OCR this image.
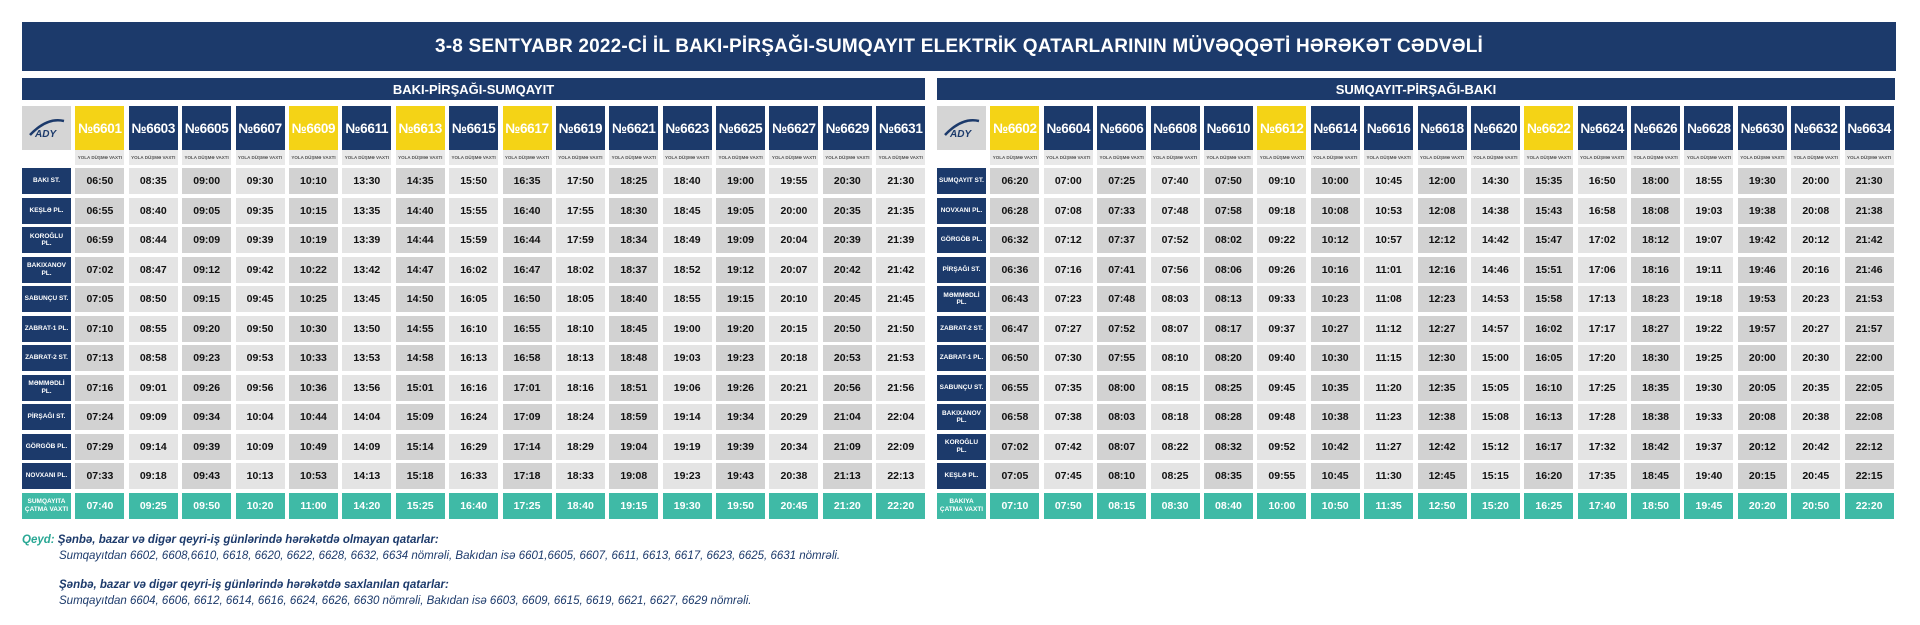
3-8 SENTYABR 2022-Cİ İL BAKI-PİRŞAĞI-SUMQAYIT ELEKTRİK QATARLARININ MÜVƏQQƏTİ HƏRƏKƏT CƏDVƏLİ
BAKI-PİRŞAĞI-SUMQAYIT
ADY №6601 №6603 №6605 №6607 №6609 №6611 №6613 №6615 №6617 №6619 №6621 №6623 №6625 №6627 №6629 №6631
YOLA DÜŞMƏ VAXTI	YOLA DÜŞMƏ VAXTI	YOLA DÜŞMƏ VAXTI	YOLA DÜŞMƏ VAXTI	YOLA DÜŞMƏ VAXTI	YOLA DÜŞMƏ VAXTI	YOLA DÜŞMƏ VAXTI	YOLA DÜŞMƏ VAXTI	YOLA DÜŞMƏ VAXTI	YOLA DÜŞMƏ VAXTI	YOLA DÜŞMƏ VAXTI	YOLA DÜŞMƏ VAXTI	YOLA DÜŞMƏ VAXTI	YOLA DÜŞMƏ VAXTI	YOLA DÜŞMƏ VAXTI	YOLA DÜŞMƏ VAXTI
BAKI ST.	06:50	08:35	09:00	09:30	10:10	13:30	14:35	15:50	16:35	17:50	18:25	18:40	19:00	19:55	20:30	21:30
KEŞLƏ PL.	06:55	08:40	09:05	09:35	10:15	13:35	14:40	15:55	16:40	17:55	18:30	18:45	19:05	20:00	20:35	21:35
KOROĞLU PL.	06:59	08:44	09:09	09:39	10:19	13:39	14:44	15:59	16:44	17:59	18:34	18:49	19:09	20:04	20:39	21:39
BAKIXANOV PL.	07:02	08:47	09:12	09:42	10:22	13:42	14:47	16:02	16:47	18:02	18:37	18:52	19:12	20:07	20:42	21:42
SABUNÇU ST.	07:05	08:50	09:15	09:45	10:25	13:45	14:50	16:05	16:50	18:05	18:40	18:55	19:15	20:10	20:45	21:45
ZABRAT-1 PL.	07:10	08:55	09:20	09:50	10:30	13:50	14:55	16:10	16:55	18:10	18:45	19:00	19:20	20:15	20:50	21:50
ZABRAT-2 ST.	07:13	08:58	09:23	09:53	10:33	13:53	14:58	16:13	16:58	18:13	18:48	19:03	19:23	20:18	20:53	21:53
MƏMMƏDLİ PL.	07:16	09:01	09:26	09:56	10:36	13:56	15:01	16:16	17:01	18:16	18:51	19:06	19:26	20:21	20:56	21:56
PİRŞAĞI ST.	07:24	09:09	09:34	10:04	10:44	14:04	15:09	16:24	17:09	18:24	18:59	19:14	19:34	20:29	21:04	22:04
GÖRGÖB PL.	07:29	09:14	09:39	10:09	10:49	14:09	15:14	16:29	17:14	18:29	19:04	19:19	19:39	20:34	21:09	22:09
NOVXANI PL.	07:33	09:18	09:43	10:13	10:53	14:13	15:18	16:33	17:18	18:33	19:08	19:23	19:43	20:38	21:13	22:13
SUMQAYITA ÇATMA VAXTI	07:40	09:25	09:50	10:20	11:00	14:20	15:25	16:40	17:25	18:40	19:15	19:30	19:50	20:45	21:20	22:20
SUMQAYIT-PİRŞAĞI-BAKI
ADY №6602 №6604 №6606 №6608 №6610 №6612 №6614 №6616 №6618 №6620 №6622 №6624 №6626 №6628 №6630 №6632 №6634
YOLA DÜŞMƏ VAXTI	YOLA DÜŞMƏ VAXTI	YOLA DÜŞMƏ VAXTI	YOLA DÜŞMƏ VAXTI	YOLA DÜŞMƏ VAXTI	YOLA DÜŞMƏ VAXTI	YOLA DÜŞMƏ VAXTI	YOLA DÜŞMƏ VAXTI	YOLA DÜŞMƏ VAXTI	YOLA DÜŞMƏ VAXTI	YOLA DÜŞMƏ VAXTI	YOLA DÜŞMƏ VAXTI	YOLA DÜŞMƏ VAXTI	YOLA DÜŞMƏ VAXTI	YOLA DÜŞMƏ VAXTI	YOLA DÜŞMƏ VAXTI	YOLA DÜŞMƏ VAXTI
SUMQAYIT ST.	06:20	07:00	07:25	07:40	07:50	09:10	10:00	10:45	12:00	14:30	15:35	16:50	18:00	18:55	19:30	20:00	21:30
NOVXANI PL.	06:28	07:08	07:33	07:48	07:58	09:18	10:08	10:53	12:08	14:38	15:43	16:58	18:08	19:03	19:38	20:08	21:38
GÖRGÖB PL.	06:32	07:12	07:37	07:52	08:02	09:22	10:12	10:57	12:12	14:42	15:47	17:02	18:12	19:07	19:42	20:12	21:42
PİRŞAĞI ST.	06:36	07:16	07:41	07:56	08:06	09:26	10:16	11:01	12:16	14:46	15:51	17:06	18:16	19:11	19:46	20:16	21:46
MƏMMƏDLİ PL.	06:43	07:23	07:48	08:03	08:13	09:33	10:23	11:08	12:23	14:53	15:58	17:13	18:23	19:18	19:53	20:23	21:53
ZABRAT-2 ST.	06:47	07:27	07:52	08:07	08:17	09:37	10:27	11:12	12:27	14:57	16:02	17:17	18:27	19:22	19:57	20:27	21:57
ZABRAT-1 PL.	06:50	07:30	07:55	08:10	08:20	09:40	10:30	11:15	12:30	15:00	16:05	17:20	18:30	19:25	20:00	20:30	22:00
SABUNÇU ST.	06:55	07:35	08:00	08:15	08:25	09:45	10:35	11:20	12:35	15:05	16:10	17:25	18:35	19:30	20:05	20:35	22:05
BAKIXANOV PL.	06:58	07:38	08:03	08:18	08:28	09:48	10:38	11:23	12:38	15:08	16:13	17:28	18:38	19:33	20:08	20:38	22:08
KOROĞLU PL.	07:02	07:42	08:07	08:22	08:32	09:52	10:42	11:27	12:42	15:12	16:17	17:32	18:42	19:37	20:12	20:42	22:12
KEŞLƏ PL.	07:05	07:45	08:10	08:25	08:35	09:55	10:45	11:30	12:45	15:15	16:20	17:35	18:45	19:40	20:15	20:45	22:15
BAKIYA ÇATMA VAXTI	07:10	07:50	08:15	08:30	08:40	10:00	10:50	11:35	12:50	15:20	16:25	17:40	18:50	19:45	20:20	20:50	22:20
Qeyd: Şənbə, bazar və digər qeyri-iş günlərində hərəkətdə olmayan qatarlar:
Sumqayıtdan 6602, 6608,6610, 6618, 6620, 6622, 6628, 6632, 6634 nömrəli, Bakıdan isə 6601,6605, 6607, 6611, 6613, 6617, 6623, 6625, 6631 nömrəli.
Şənbə, bazar və digər qeyri-iş günlərində hərəkətdə saxlanılan qatarlar:
Sumqayıtdan 6604, 6606, 6612, 6614, 6616, 6624, 6626, 6630 nömrəli, Bakıdan isə 6603, 6609, 6615, 6619, 6621, 6627, 6629 nömrəli.
